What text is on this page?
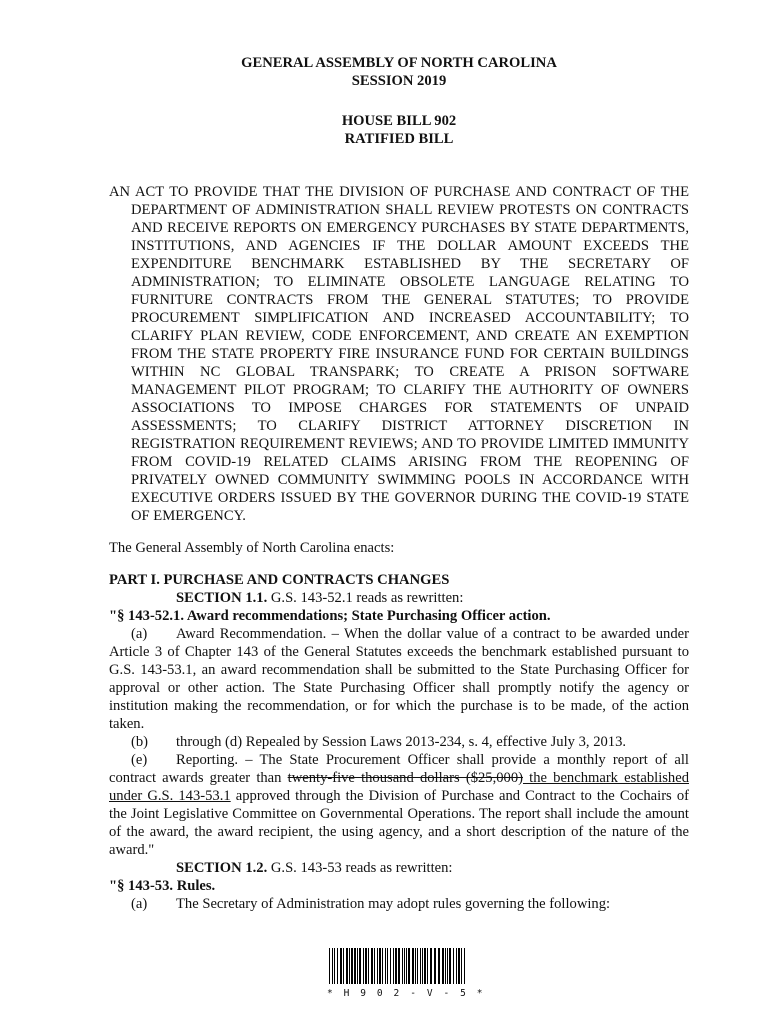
GENERAL ASSEMBLY OF NORTH CAROLINA
SESSION 2019
HOUSE BILL 902
RATIFIED BILL
AN ACT TO PROVIDE THAT THE DIVISION OF PURCHASE AND CONTRACT OF THE DEPARTMENT OF ADMINISTRATION SHALL REVIEW PROTESTS ON CONTRACTS AND RECEIVE REPORTS ON EMERGENCY PURCHASES BY STATE DEPARTMENTS, INSTITUTIONS, AND AGENCIES IF THE DOLLAR AMOUNT EXCEEDS THE EXPENDITURE BENCHMARK ESTABLISHED BY THE SECRETARY OF ADMINISTRATION; TO ELIMINATE OBSOLETE LANGUAGE RELATING TO FURNITURE CONTRACTS FROM THE GENERAL STATUTES; TO PROVIDE PROCUREMENT SIMPLIFICATION AND INCREASED ACCOUNTABILITY; TO CLARIFY PLAN REVIEW, CODE ENFORCEMENT, AND CREATE AN EXEMPTION FROM THE STATE PROPERTY FIRE INSURANCE FUND FOR CERTAIN BUILDINGS WITHIN NC GLOBAL TRANSPARK; TO CREATE A PRISON SOFTWARE MANAGEMENT PILOT PROGRAM; TO CLARIFY THE AUTHORITY OF OWNERS ASSOCIATIONS TO IMPOSE CHARGES FOR STATEMENTS OF UNPAID ASSESSMENTS; TO CLARIFY DISTRICT ATTORNEY DISCRETION IN REGISTRATION REQUIREMENT REVIEWS; AND TO PROVIDE LIMITED IMMUNITY FROM COVID-19 RELATED CLAIMS ARISING FROM THE REOPENING OF PRIVATELY OWNED COMMUNITY SWIMMING POOLS IN ACCORDANCE WITH EXECUTIVE ORDERS ISSUED BY THE GOVERNOR DURING THE COVID-19 STATE OF EMERGENCY.
The General Assembly of North Carolina enacts:
PART I. PURCHASE AND CONTRACTS CHANGES
SECTION 1.1. G.S. 143-52.1 reads as rewritten:
"§ 143-52.1. Award recommendations; State Purchasing Officer action.
(a) Award Recommendation. – When the dollar value of a contract to be awarded under Article 3 of Chapter 143 of the General Statutes exceeds the benchmark established pursuant to G.S. 143-53.1, an award recommendation shall be submitted to the State Purchasing Officer for approval or other action. The State Purchasing Officer shall promptly notify the agency or institution making the recommendation, or for which the purchase is to be made, of the action taken.
(b) through (d) Repealed by Session Laws 2013-234, s. 4, effective July 3, 2013.
(e) Reporting. – The State Procurement Officer shall provide a monthly report of all contract awards greater than twenty-five thousand dollars ($25,000) the benchmark established under G.S. 143-53.1 approved through the Division of Purchase and Contract to the Cochairs of the Joint Legislative Committee on Governmental Operations. The report shall include the amount of the award, the award recipient, the using agency, and a short description of the nature of the award."
SECTION 1.2. G.S. 143-53 reads as rewritten:
"§ 143-53. Rules.
(a) The Secretary of Administration may adopt rules governing the following:
* H 9 0 2 - V - 5 *
